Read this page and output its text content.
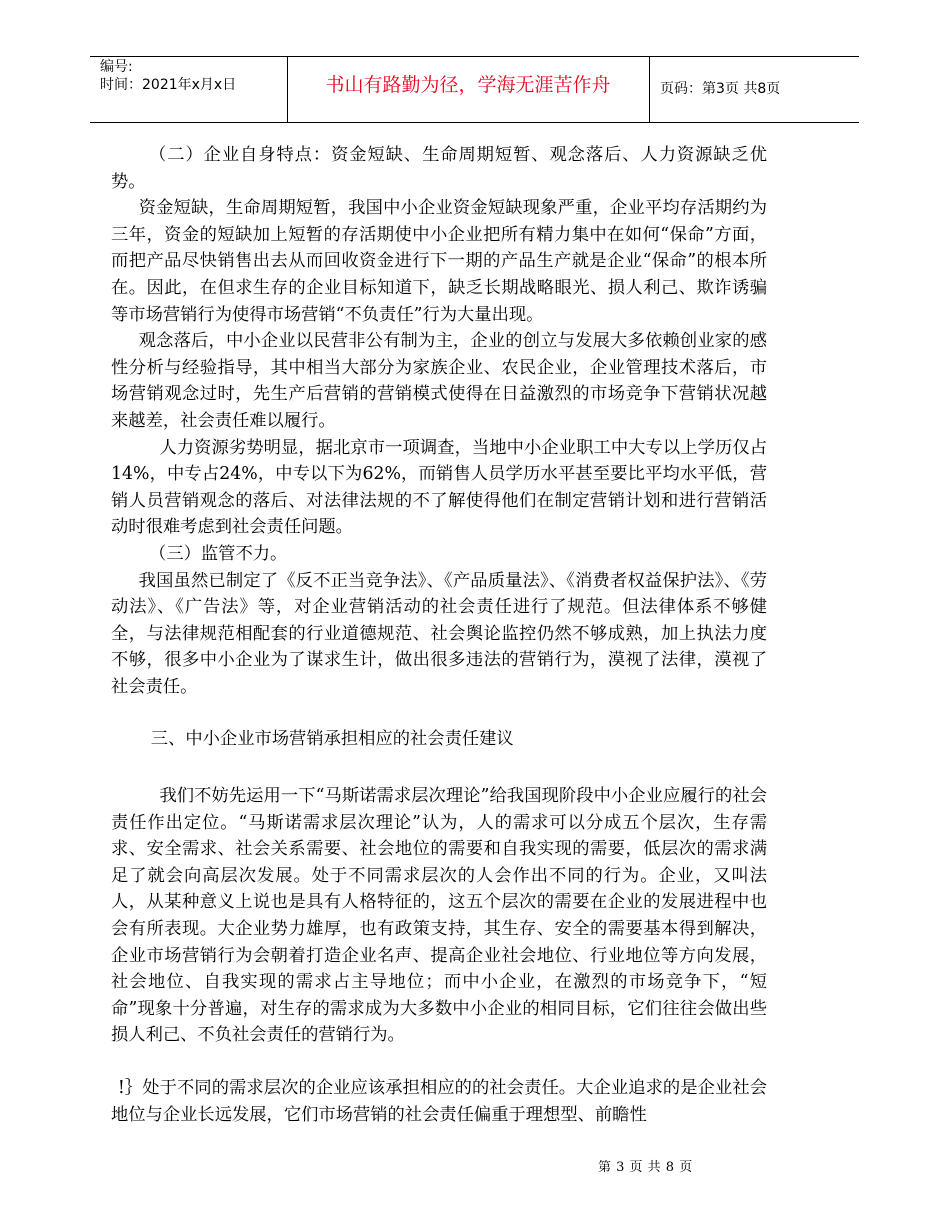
编号:
时间：2021年x月x日	书山有路勤为径，学海无涯苦作舟	页码：第3页 共8页

（二）企业自身特点：资金短缺、生命周期短暂、观念落后、人力资源缺乏优势。

资金短缺，生命周期短暂，我国中小企业资金短缺现象严重，企业平均存活期约为三年，资金的短缺加上短暂的存活期使中小企业把所有精力集中在如何“保命”方面，而把产品尽快销售出去从而回收资金进行下一期的产品生产就是企业“保命”的根本所在。因此，在但求生存的企业目标知道下，缺乏长期战略眼光、损人利己、欺诈诱骗等市场营销行为使得市场营销“不负责任”行为大量出现。

观念落后，中小企业以民营非公有制为主，企业的创立与发展大多依赖创业家的感性分析与经验指导，其中相当大部分为家族企业、农民企业，企业管理技术落后，市场营销观念过时，先生产后营销的营销模式使得在日益激烈的市场竞争下营销状况越来越差，社会责任难以履行。

人力资源劣势明显，据北京市一项调查，当地中小企业职工中大专以上学历仅占14%，中专占24%，中专以下为62%，而销售人员学历水平甚至要比平均水平低，营销人员营销观念的落后、对法律法规的不了解使得他们在制定营销计划和进行营销活动时很难考虑到社会责任问题。

（三）监管不力。

我国虽然已制定了《反不正当竞争法》、《产品质量法》、《消费者权益保护法》、《劳动法》、《广告法》等，对企业营销活动的社会责任进行了规范。但法律体系不够健全，与法律规范相配套的行业道德规范、社会舆论监控仍然不够成熟，加上执法力度不够，很多中小企业为了谋求生计，做出很多违法的营销行为，漠视了法律，漠视了社会责任。

三、中小企业市场营销承担相应的社会责任建议

我们不妨先运用一下“马斯诺需求层次理论”给我国现阶段中小企业应履行的社会责任作出定位。“马斯诺需求层次理论”认为，人的需求可以分成五个层次，生存需求、安全需求、社会关系需要、社会地位的需要和自我实现的需要，低层次的需求满足了就会向高层次发展。处于不同需求层次的人会作出不同的行为。企业，又叫法人，从某种意义上说也是具有人格特征的，这五个层次的需要在企业的发展进程中也会有所表现。大企业势力雄厚，也有政策支持，其生存、安全的需要基本得到解决，企业市场营销行为会朝着打造企业名声、提高企业社会地位、行业地位等方向发展，社会地位、自我实现的需求占主导地位；而中小企业，在激烈的市场竞争下，“短命”现象十分普遍，对生存的需求成为大多数中小企业的相同目标，它们往往会做出些损人利己、不负社会责任的营销行为。

!｝处于不同的需求层次的企业应该承担相应的的社会责任。大企业追求的是企业社会地位与企业长远发展，它们市场营销的社会责任偏重于理想型、前瞻性

第 3 页 共 8 页
